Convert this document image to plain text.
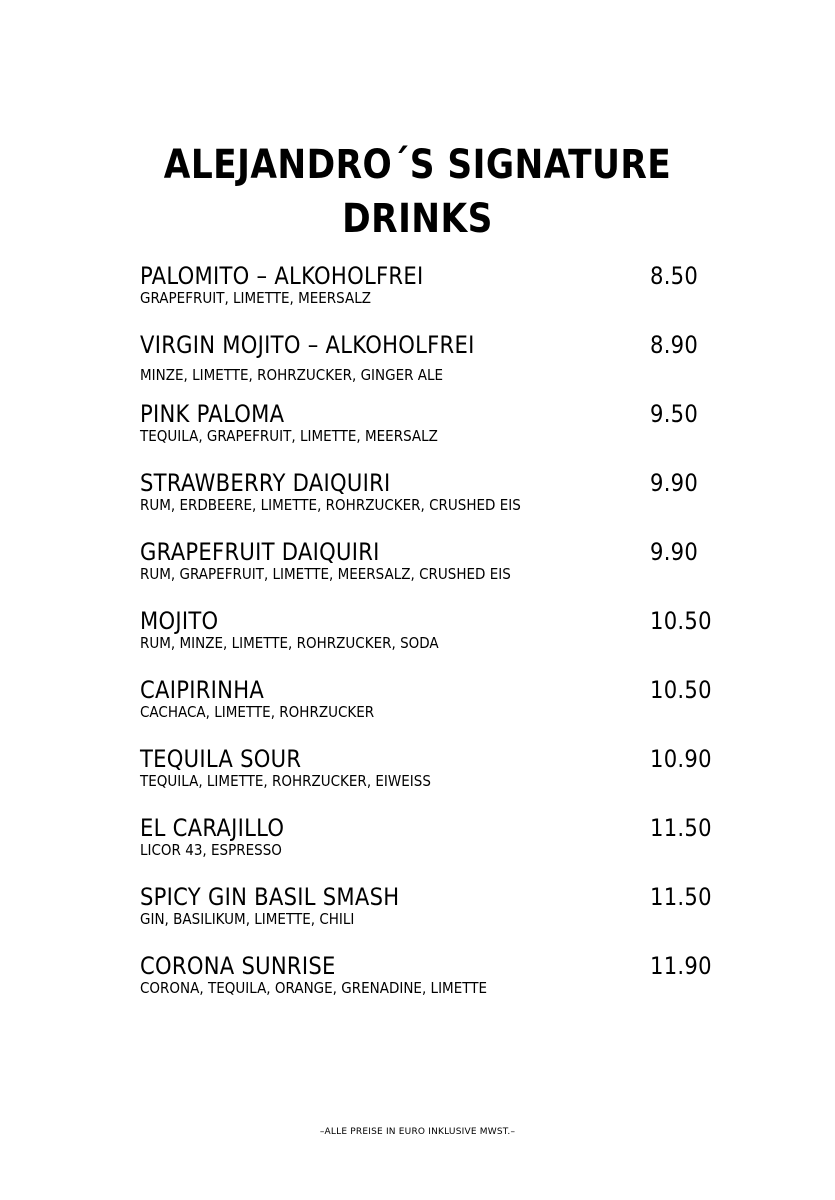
ALEJANDRO´S SIGNATURE
DRINKS
PALOMITO – ALKOHOLFREI	8.50
GRAPEFRUIT, LIMETTE, MEERSALZ
VIRGIN MOJITO – ALKOHOLFREI	8.90
MINZE, LIMETTE, ROHRZUCKER, GINGER ALE
PINK PALOMA	9.50
TEQUILA, GRAPEFRUIT, LIMETTE, MEERSALZ
STRAWBERRY DAIQUIRI	9.90
RUM, ERDBEERE, LIMETTE, ROHRZUCKER, CRUSHED EIS
GRAPEFRUIT DAIQUIRI	9.90
RUM, GRAPEFRUIT, LIMETTE, MEERSALZ, CRUSHED EIS
MOJITO	10.50
RUM, MINZE, LIMETTE, ROHRZUCKER, SODA
CAIPIRINHA	10.50
CACHACA, LIMETTE, ROHRZUCKER
TEQUILA SOUR	10.90
TEQUILA, LIMETTE, ROHRZUCKER, EIWEISS
EL CARAJILLO	11.50
LICOR 43, ESPRESSO
SPICY GIN BASIL SMASH	11.50
GIN, BASILIKUM, LIMETTE, CHILI
CORONA SUNRISE	11.90
CORONA, TEQUILA, ORANGE, GRENADINE, LIMETTE
–ALLE PREISE IN EURO INKLUSIVE MWST.–
